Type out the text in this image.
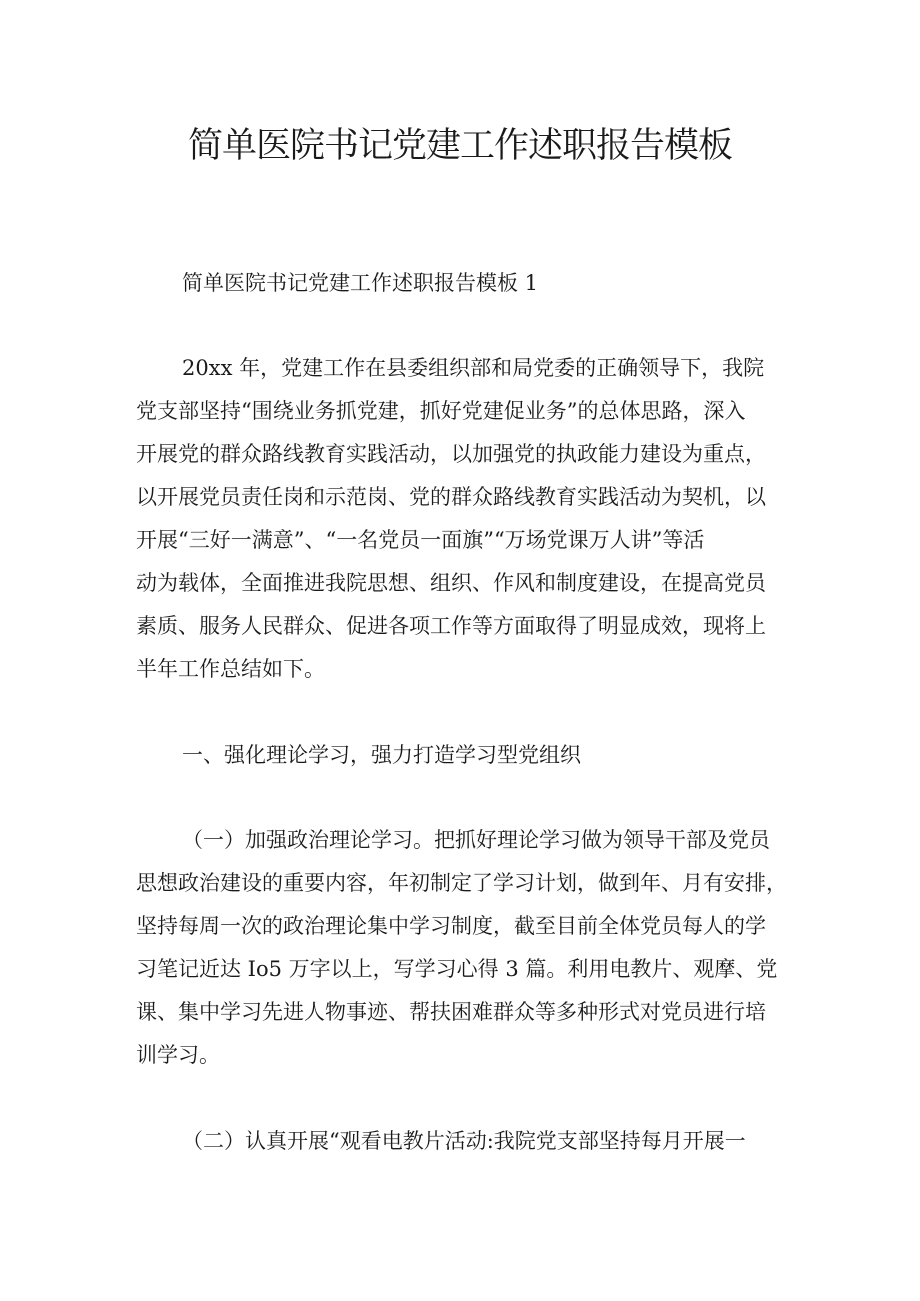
简单医院书记党建工作述职报告模板
简单医院书记党建工作述职报告模板 1
20xx 年，党建工作在县委组织部和局党委的正确领导下，我院
党支部坚持“围绕业务抓党建，抓好党建促业务”的总体思路，深入
开展党的群众路线教育实践活动，以加强党的执政能力建设为重点，
以开展党员责任岗和示范岗、党的群众路线教育实践活动为契机，以
开展“三好一满意”、“一名党员一面旗”“万场党课万人讲”等活
动为载体，全面推进我院思想、组织、作风和制度建设，在提高党员
素质、服务人民群众、促进各项工作等方面取得了明显成效，现将上
半年工作总结如下。
一、强化理论学习，强力打造学习型党组织
（一）加强政治理论学习。把抓好理论学习做为领导干部及党员
思想政治建设的重要内容，年初制定了学习计划，做到年、月有安排，
坚持每周一次的政治理论集中学习制度，截至目前全体党员每人的学
习笔记近达 Io5 万字以上，写学习心得 3 篇。利用电教片、观摩、党
课、集中学习先进人物事迹、帮扶困难群众等多种形式对党员进行培
训学习。
（二）认真开展“观看电教片活动:我院党支部坚持每月开展一
